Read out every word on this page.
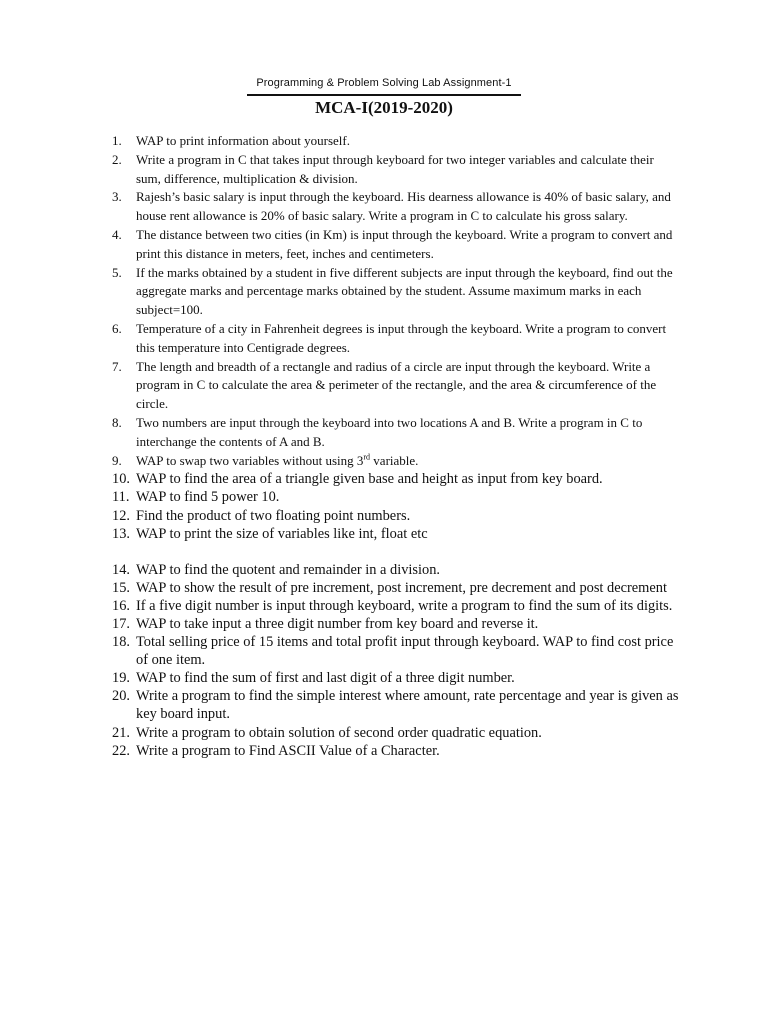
Programming & Problem Solving Lab Assignment-1
MCA-I(2019-2020)
1.	WAP to print information about yourself.
2.	Write a program in C that takes input through keyboard for two integer variables and calculate their sum, difference, multiplication & division.
3.	Rajesh’s basic salary is input through the keyboard. His dearness allowance is 40% of basic salary, and house rent allowance is 20% of basic salary. Write a program in C to calculate his gross salary.
4.	The distance between two cities (in Km) is input through the keyboard. Write a program to convert and print this distance in meters, feet, inches and centimeters.
5.	If the marks obtained by a student in five different subjects are input through the keyboard, find out the aggregate marks and percentage marks obtained by the student. Assume maximum marks in each subject=100.
6.	Temperature of a city in Fahrenheit degrees is input through the keyboard. Write a program to convert this temperature into Centigrade degrees.
7.	The length and breadth of a rectangle and radius of a circle are input through the keyboard. Write a program in C to calculate the area & perimeter of the rectangle, and the area & circumference of the circle.
8.	Two numbers are input through the keyboard into two locations A and B. Write a program in C to interchange the contents of A and B.
9.	WAP to swap two variables without using 3rd variable.
10. WAP to find the area of a triangle given base and height as input from key board.
11. WAP to find 5 power 10.
12. Find the product of two floating point numbers.
13. WAP to print the size of variables like int, float etc
14. WAP to find the quotent and remainder in a division.
15. WAP to show the result of pre increment, post increment, pre decrement and post decrement
16. If a five digit number is input through keyboard, write a program to find the sum of its digits.
17. WAP to take input a three digit number from key board and reverse it.
18. Total selling price of 15 items and total profit input through keyboard. WAP to find cost price of one item.
19. WAP to find the sum of first and last digit of a three digit number.
20. Write a program to find the simple interest where amount, rate percentage and year is given as key board input.
21. Write a program to obtain solution of second order quadratic equation.
22. Write a program to Find ASCII Value of a Character.
